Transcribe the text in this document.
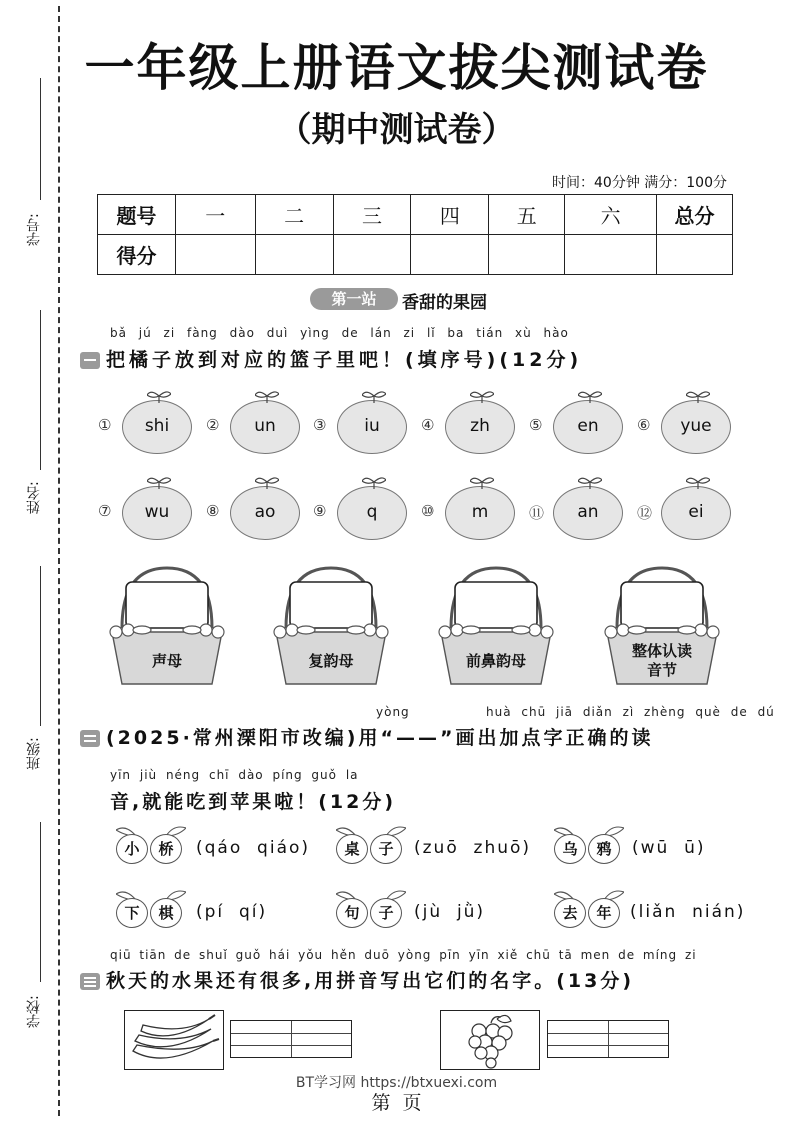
学号:
姓名:
班级:
学校:
一年级上册语文拔尖测试卷
（期中测试卷）
时间：40分钟 满分：100分
题号	一	二	三	四	五	六	总分
得分							
第一站	香甜的果园
bǎ jú zi fàng dào duì yìng de lán zi lǐ ba tián xù hào
把橘子放到对应的篮子里吧！(填序号)(12分)
①	shi	②	un	③	iu	④	zh	⑤	en	⑥	yue
⑦	wu	⑧	ao	⑨	q	⑩	m	⑪	an	⑫	ei
声母	复韵母	前鼻韵母
整体认读
音节
yòng	huà chū jiā diǎn zì zhèng què de dú
(2025·常州溧阳市改编)用“——”画出加点字正确的读
yīn jiù néng chī dào píng guǒ la
音,就能吃到苹果啦！(12分)
小	桥	(qáo  qiáo)	桌	子	(zuō  zhuō)	乌	鸦	(wū  ū)
下	棋	(pí  qí)	句	子	(jù  jǜ)	去	年	(liǎn  nián)
qiū tiān de shuǐ guǒ hái yǒu hěn duō yòng pīn yīn xiě chū tā men de míng zi
秋天的水果还有很多,用拼音写出它们的名字。(13分)
BT学习网 https://btxuexi.com
第  页
